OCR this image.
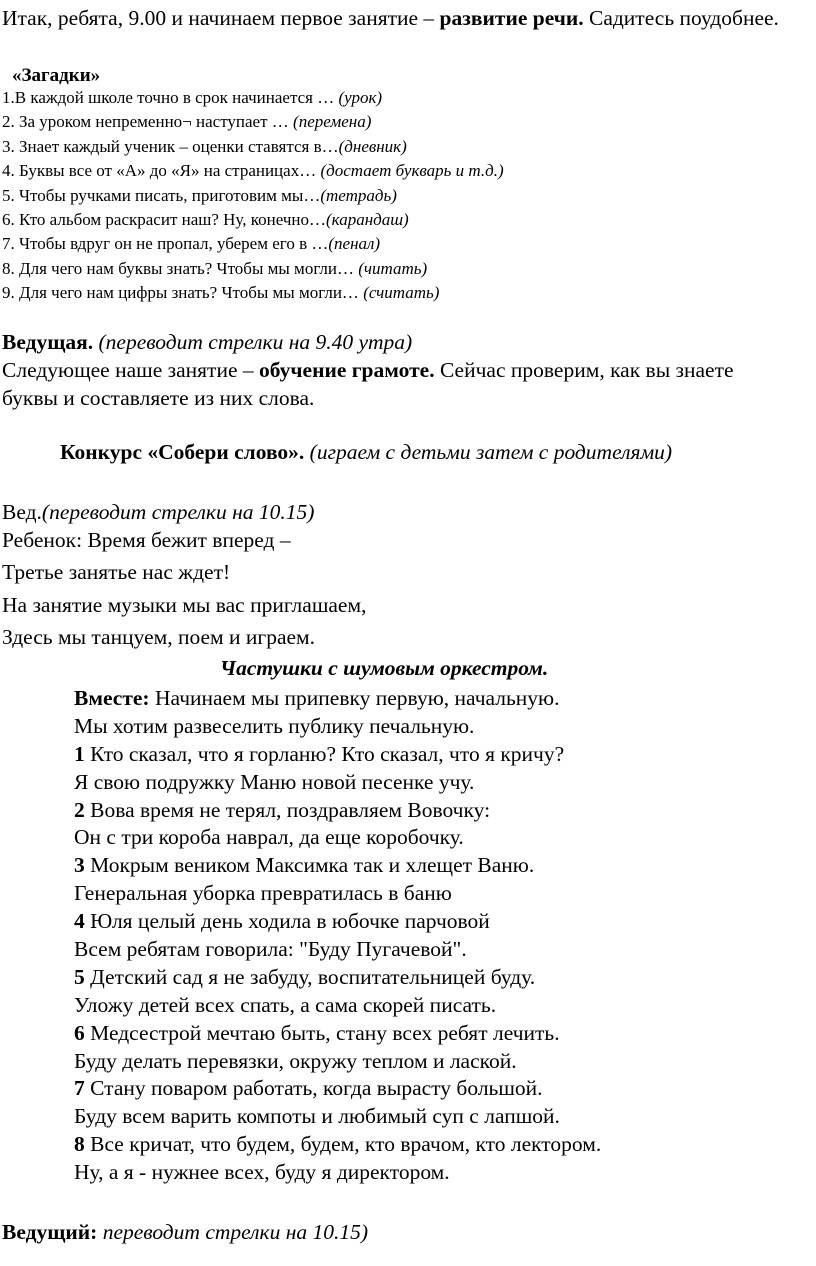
Итак, ребята, 9.00 и начинаем первое занятие – развитие речи. Садитесь поудобнее.

«Загадки»

1.В каждой школе точно в срок начинается … (урок)
2. За уроком непременно¬ наступает … (перемена)
3. Знает каждый ученик – оценки ставятся в…(дневник)
4. Буквы все от «А» до «Я» на страницах… (достает букварь и т.д.)
5. Чтобы ручками писать, приготовим мы…(тетрадь)
6. Кто альбом раскрасит наш? Ну, конечно…(карандаш)
7. Чтобы вдруг он не пропал, уберем его в …(пенал)
8. Для чего нам буквы знать? Чтобы мы могли… (читать)
9. Для чего нам цифры знать? Чтобы мы могли… (считать)

Ведущая. (переводит стрелки на 9.40 утра)

Следующее наше занятие – обучение грамоте. Сейчас проверим, как вы знаете буквы и составляете из них слова.

Конкурс «Собери слово». (играем с детьми затем с родителями)

Вед.(переводит стрелки на 10.15)

Ребенок: Время бежит вперед –
Третье занятье нас ждет!
На занятие музыки мы вас приглашаем,
Здесь мы танцуем, поем и играем.

Частушки с шумовым оркестром.

Вместе: Начинаем мы припевку первую, начальную.
Мы хотим развеселить публику печальную.
1 Кто сказал, что я горланю? Кто сказал, что я кричу?
Я свою подружку Маню новой песенке учу.
2 Вова время не терял, поздравляем Вовочку:
Он с три короба наврал, да еще коробочку.
3 Мокрым веником Максимка так и хлещет Ваню.
Генеральная уборка превратилась в баню
4 Юля целый день ходила в юбочке парчовой
Всем ребятам говорила: "Буду Пугачевой".
5 Детский сад я не забуду, воспитательницей буду.
Уложу детей всех спать, а сама скорей писать.
6 Медсестрой мечтаю быть, стану всех ребят лечить.
Буду делать перевязки, окружу теплом и лаской.
7 Стану поваром работать, когда вырасту большой.
Буду всем варить компоты и любимый суп с лапшой.
8 Все кричат, что будем, будем, кто врачом, кто лектором.
Ну, а я - нужнее всех, буду я директором.

Ведущий: переводит стрелки на 10.15)
